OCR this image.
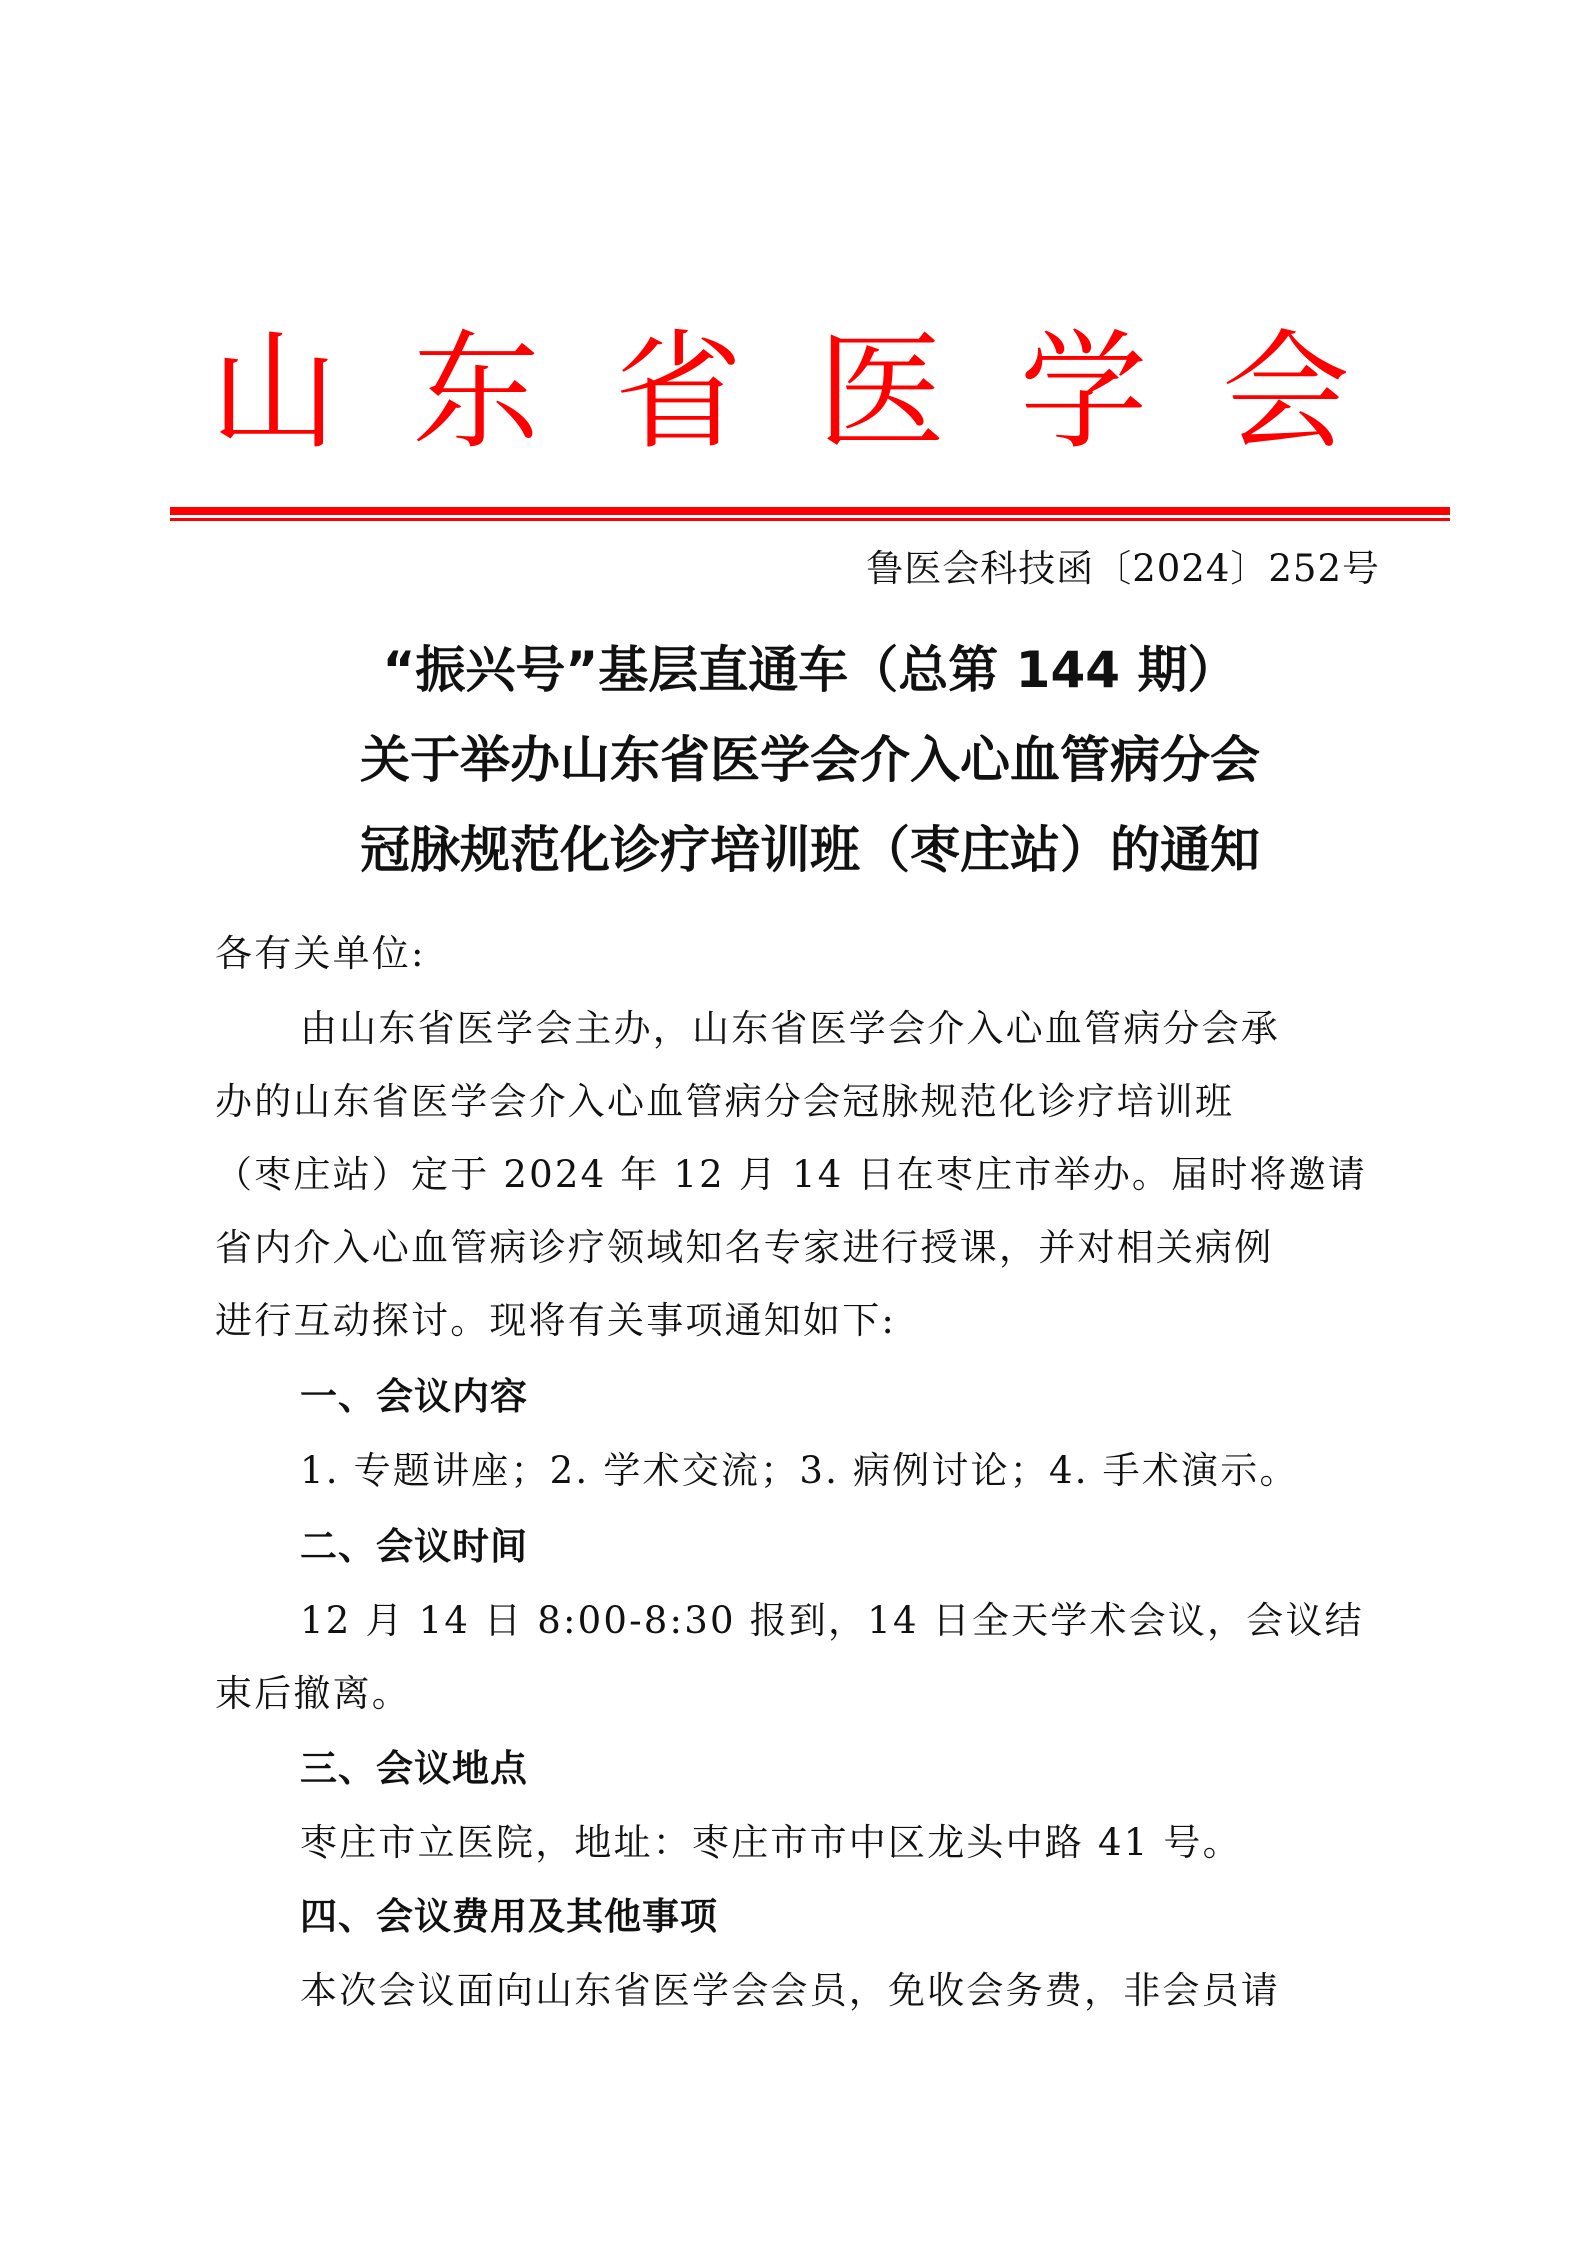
山 东 省 医 学 会
鲁医会科技函〔2024〕252号
“振兴号”基层直通车（总第 144 期）
关于举办山东省医学会介入心血管病分会
冠脉规范化诊疗培训班（枣庄站）的通知
各有关单位:
由山东省医学会主办，山东省医学会介入心血管病分会承
办的山东省医学会介入心血管病分会冠脉规范化诊疗培训班
（枣庄站）定于 2024 年 12 月 14 日在枣庄市举办。届时将邀请
省内介入心血管病诊疗领域知名专家进行授课，并对相关病例
进行互动探讨。现将有关事项通知如下:
一、会议内容
1. 专题讲座；2. 学术交流；3. 病例讨论；4. 手术演示。
二、会议时间
12 月 14 日 8:00-8:30 报到，14 日全天学术会议，会议结
束后撤离。
三、会议地点
枣庄市立医院，地址：枣庄市市中区龙头中路 41 号。
四、会议费用及其他事项
本次会议面向山东省医学会会员，免收会务费，非会员请
